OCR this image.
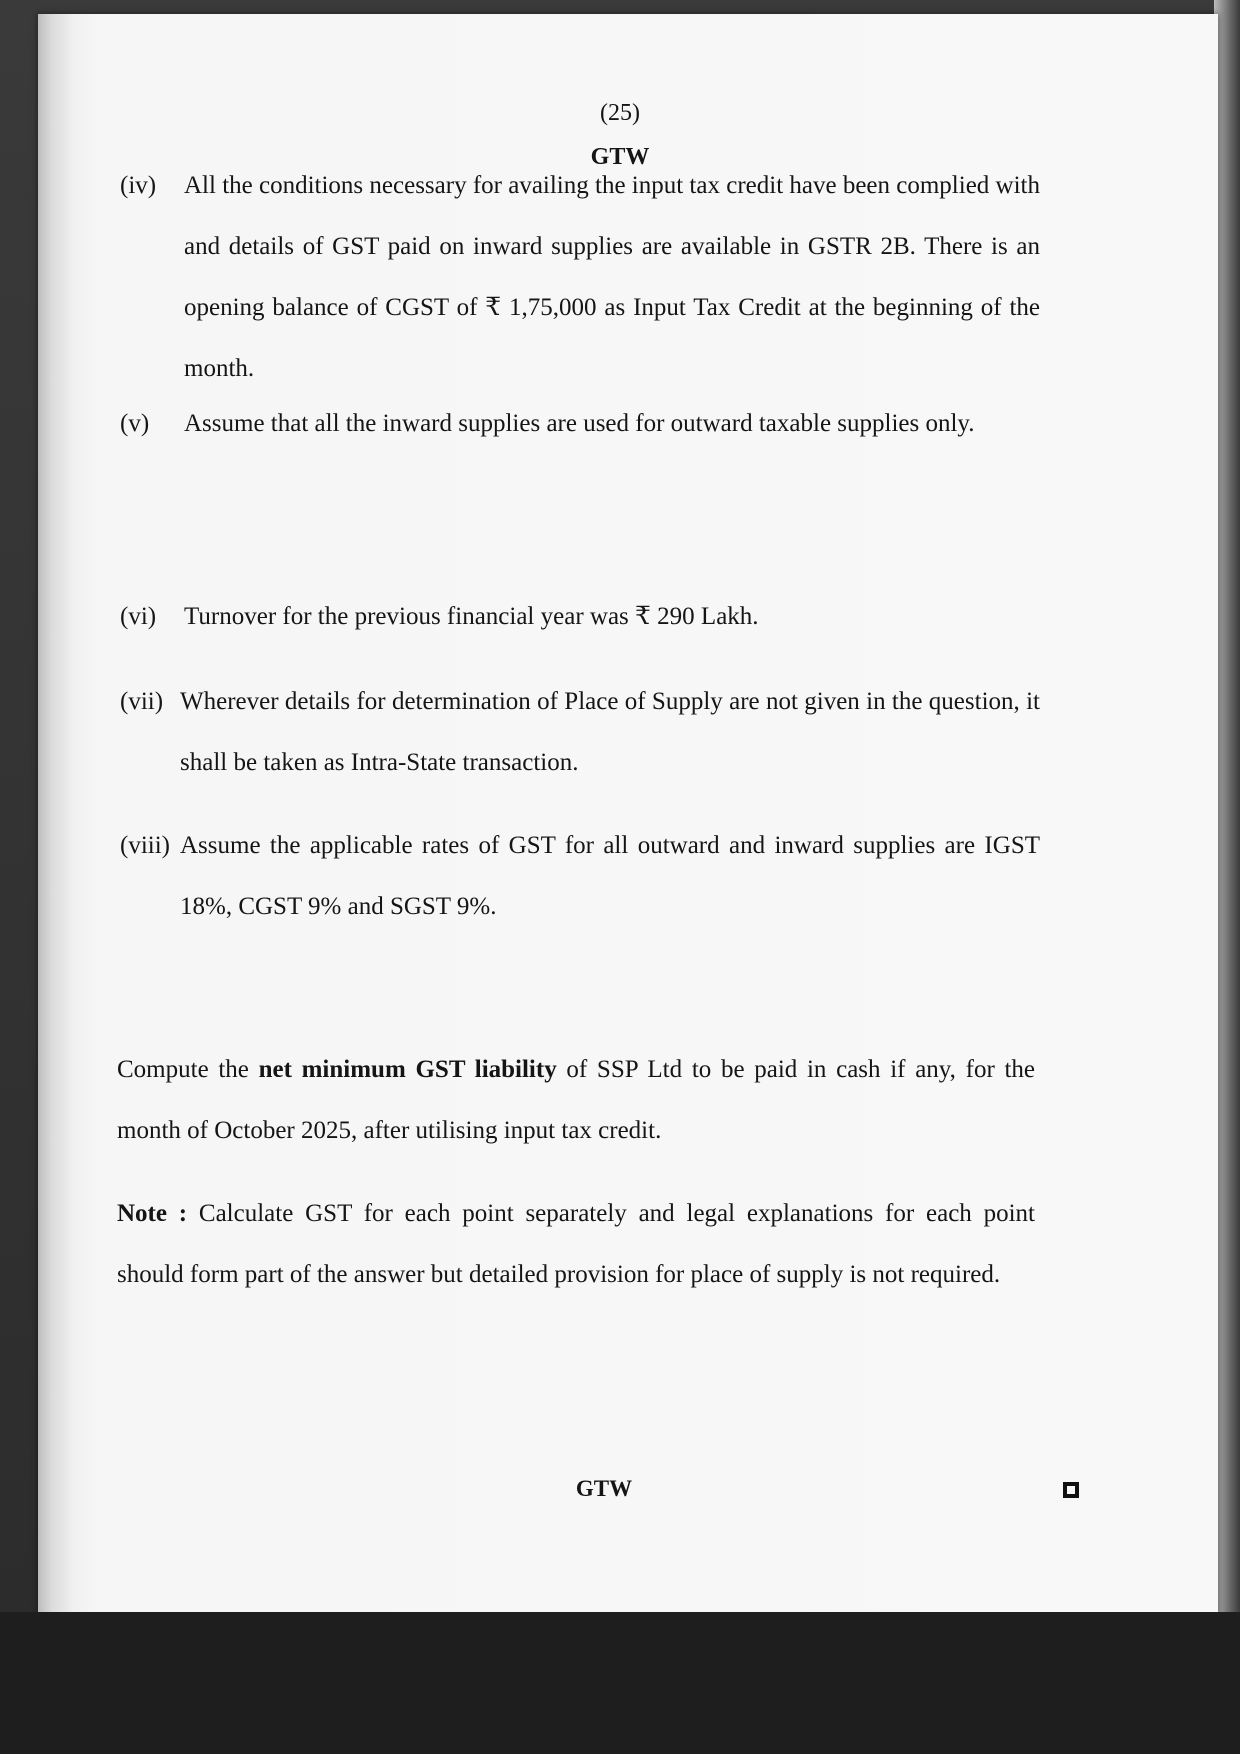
(25)
GTW
(iv) All the conditions necessary for availing the input tax credit have been complied with and details of GST paid on inward supplies are available in GSTR 2B. There is an opening balance of CGST of ₹ 1,75,000 as Input Tax Credit at the beginning of the month.
(v) Assume that all the inward supplies are used for outward taxable supplies only.
(vi) Turnover for the previous financial year was ₹ 290 Lakh.
(vii) Wherever details for determination of Place of Supply are not given in the question, it shall be taken as Intra-State transaction.
(viii) Assume the applicable rates of GST for all outward and inward supplies are IGST 18%, CGST 9% and SGST 9%.
Compute the net minimum GST liability of SSP Ltd to be paid in cash if any, for the month of October 2025, after utilising input tax credit.
Note : Calculate GST for each point separately and legal explanations for each point should form part of the answer but detailed provision for place of supply is not required.
GTW
